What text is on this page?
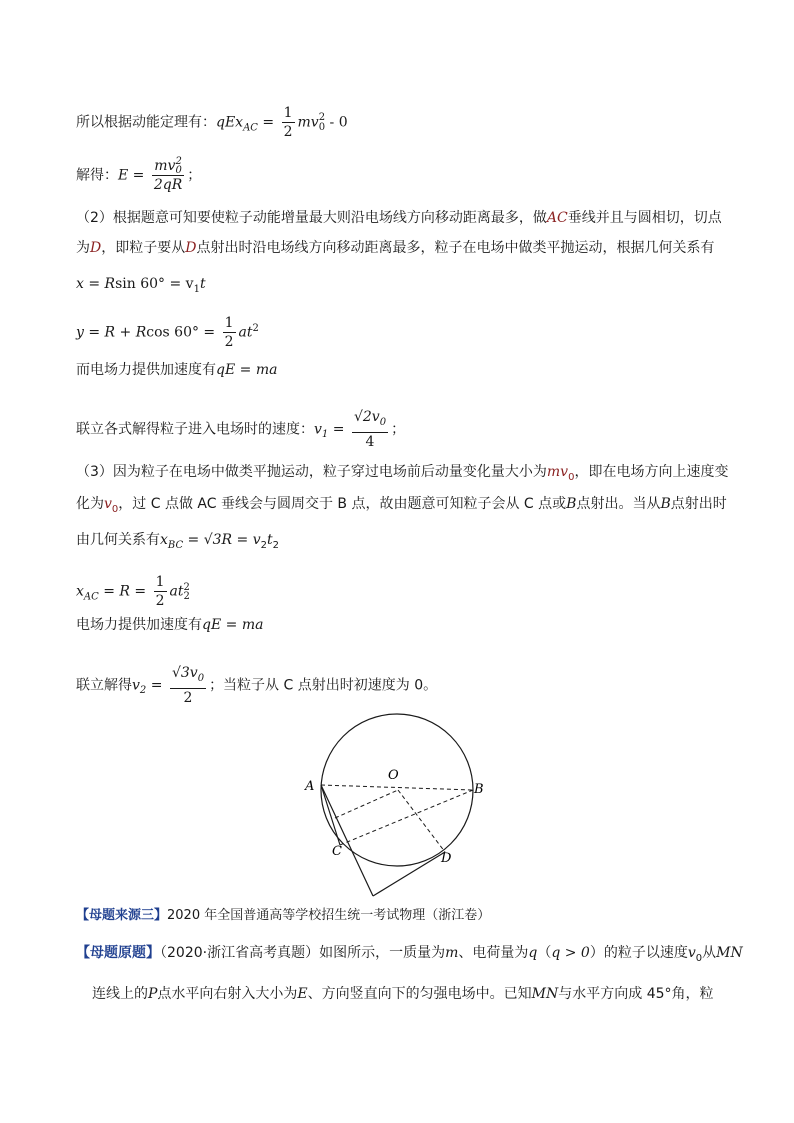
所以根据动能定理有：$qEx_{AC} = \frac{1}{2}$ mv 2
0 - 0
解得：E = mv 2
0
2qR ；
（2）根据题意可知要使粒子动能增量最大则沿电场线方向移动距离最多，做AC垂线并且与圆相切，切点
为D，即粒子要从D点射出时沿电场线方向移动距离最多，粒子在电场中做类平抛运动，根据几何关系有
x = Rsin $60^\circ = v_1t$
y = R + Rcos $60^\circ = \frac{1}{2} at^2$
而电场力提供加速度有qE = ma
联立各式解得粒子进入电场时的速度：$v_1 = \frac{√2v_0}{4}$ ；
（3）因为粒子在电场中做类平抛运动，粒子穿过电场前后动量变化量大小为$mv_0$，即在电场方向上速度变
化为$v_0$，过 C 点做 AC 垂线会与圆周交于 B 点，故由题意可知粒子会从 C 点或B点射出。当从B点射出时
由几何关系有$x_{BC} = √3R = v_2t_2$
$x_{AC} = R = \frac{1}{2}$ at 2
2
电场力提供加速度有qE = ma
联立解得$v_2 = \frac{√3v_0}{2}$ ；当粒子从 C 点射出时初速度为 0。
A
O
B
C	D
【母题来源三】2020 年全国普通高等学校招生统一考试物理（浙江卷）
【母题原题】（2020·浙江省高考真题）如图所示，一质量为m、电荷量为q（q > 0）的粒子以速度$v_0$从MN
连线上的P点水平向右射入大小为E、方向竖直向下的匀强电场中。已知MN与水平方向成 45°角，粒
